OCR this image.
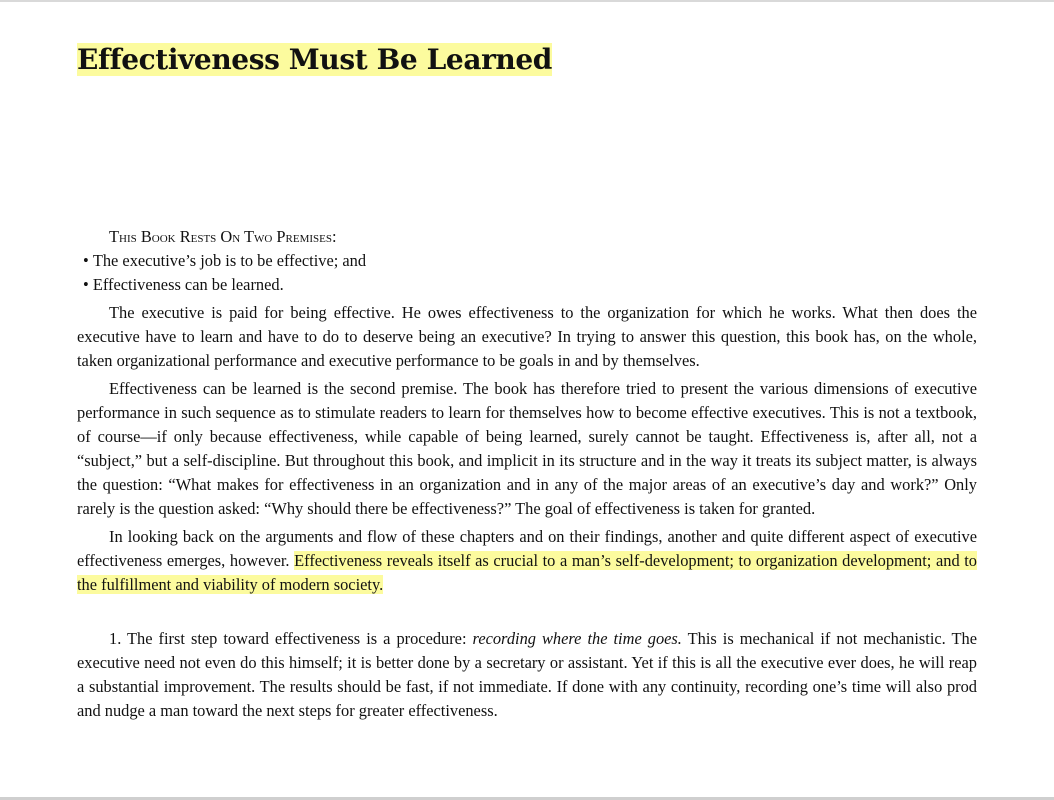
Effectiveness Must Be Learned
This Book Rests On Two Premises:
• The executive’s job is to be effective; and
• Effectiveness can be learned.

The executive is paid for being effective. He owes effectiveness to the organization for which he works. What then does the executive have to learn and have to do to deserve being an executive? In trying to answer this question, this book has, on the whole, taken organizational performance and executive performance to be goals in and by themselves.

Effectiveness can be learned is the second premise. The book has therefore tried to present the various dimensions of executive performance in such sequence as to stimulate readers to learn for themselves how to become effective executives. This is not a textbook, of course—if only because effectiveness, while capable of being learned, surely cannot be taught. Effectiveness is, after all, not a “subject,” but a self-discipline. But throughout this book, and implicit in its structure and in the way it treats its subject matter, is always the question: “What makes for effectiveness in an organization and in any of the major areas of an executive’s day and work?” Only rarely is the question asked: “Why should there be effectiveness?” The goal of effectiveness is taken for granted.

In looking back on the arguments and flow of these chapters and on their findings, another and quite different aspect of executive effectiveness emerges, however. Effectiveness reveals itself as crucial to a man’s self-development; to organization development; and to the fulfillment and viability of modern society.

1. The first step toward effectiveness is a procedure: recording where the time goes. This is mechanical if not mechanistic. The executive need not even do this himself; it is better done by a secretary or assistant. Yet if this is all the executive ever does, he will reap a substantial improvement. The results should be fast, if not immediate. If done with any continuity, recording one’s time will also prod and nudge a man toward the next steps for greater effectiveness.
